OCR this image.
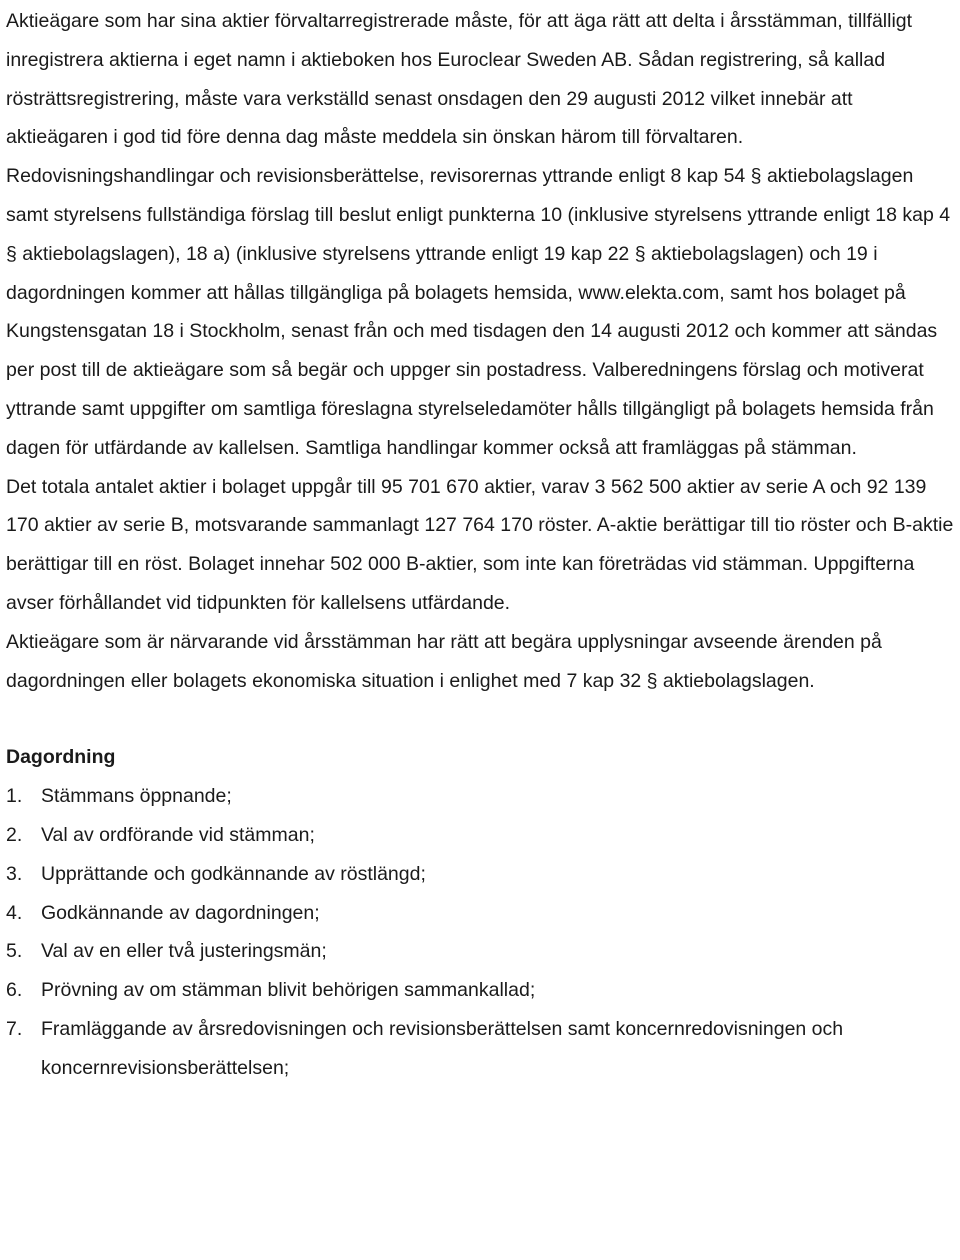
Aktieägare som har sina aktier förvaltarregistrerade måste, för att äga rätt att delta i årsstämman, tillfälligt inregistrera aktierna i eget namn i aktieboken hos Euroclear Sweden AB. Sådan registrering, så kallad rösträttsregistrering, måste vara verkställd senast onsdagen den 29 augusti 2012 vilket innebär att aktieägaren i god tid före denna dag måste meddela sin önskan härom till förvaltaren.

Redovisningshandlingar och revisionsberättelse, revisorernas yttrande enligt 8 kap 54 § aktiebolagslagen samt styrelsens fullständiga förslag till beslut enligt punkterna 10 (inklusive styrelsens yttrande enligt 18 kap 4 § aktiebolagslagen), 18 a) (inklusive styrelsens yttrande enligt 19 kap 22 § aktiebolagslagen) och 19 i dagordningen kommer att hållas tillgängliga på bolagets hemsida, www.elekta.com, samt hos bolaget på Kungstensgatan 18 i Stockholm, senast från och med tisdagen den 14 augusti 2012 och kommer att sändas per post till de aktieägare som så begär och uppger sin postadress. Valberedningens förslag och motiverat yttrande samt uppgifter om samtliga föreslagna styrelseledamöter hålls tillgängligt på bolagets hemsida från dagen för utfärdande av kallelsen. Samtliga handlingar kommer också att framläggas på stämman.

Det totala antalet aktier i bolaget uppgår till 95 701 670 aktier, varav 3 562 500 aktier av serie A och 92 139 170 aktier av serie B, motsvarande sammanlagt 127 764 170 röster. A-aktie berättigar till tio röster och B-aktie berättigar till en röst. Bolaget innehar 502 000 B-aktier, som inte kan företrädas vid stämman. Uppgifterna avser förhållandet vid tidpunkten för kallelsens utfärdande.

Aktieägare som är närvarande vid årsstämman har rätt att begära upplysningar avseende ärenden på dagordningen eller bolagets ekonomiska situation i enlighet med 7 kap 32 § aktiebolagslagen.

Dagordning

1. Stämmans öppnande;
2. Val av ordförande vid stämman;
3. Upprättande och godkännande av röstlängd;
4. Godkännande av dagordningen;
5. Val av en eller två justeringsmän;
6. Prövning av om stämman blivit behörigen sammankallad;
7. Framläggande av årsredovisningen och revisionsberättelsen samt koncernredovisningen och koncernrevisionsberättelsen;
